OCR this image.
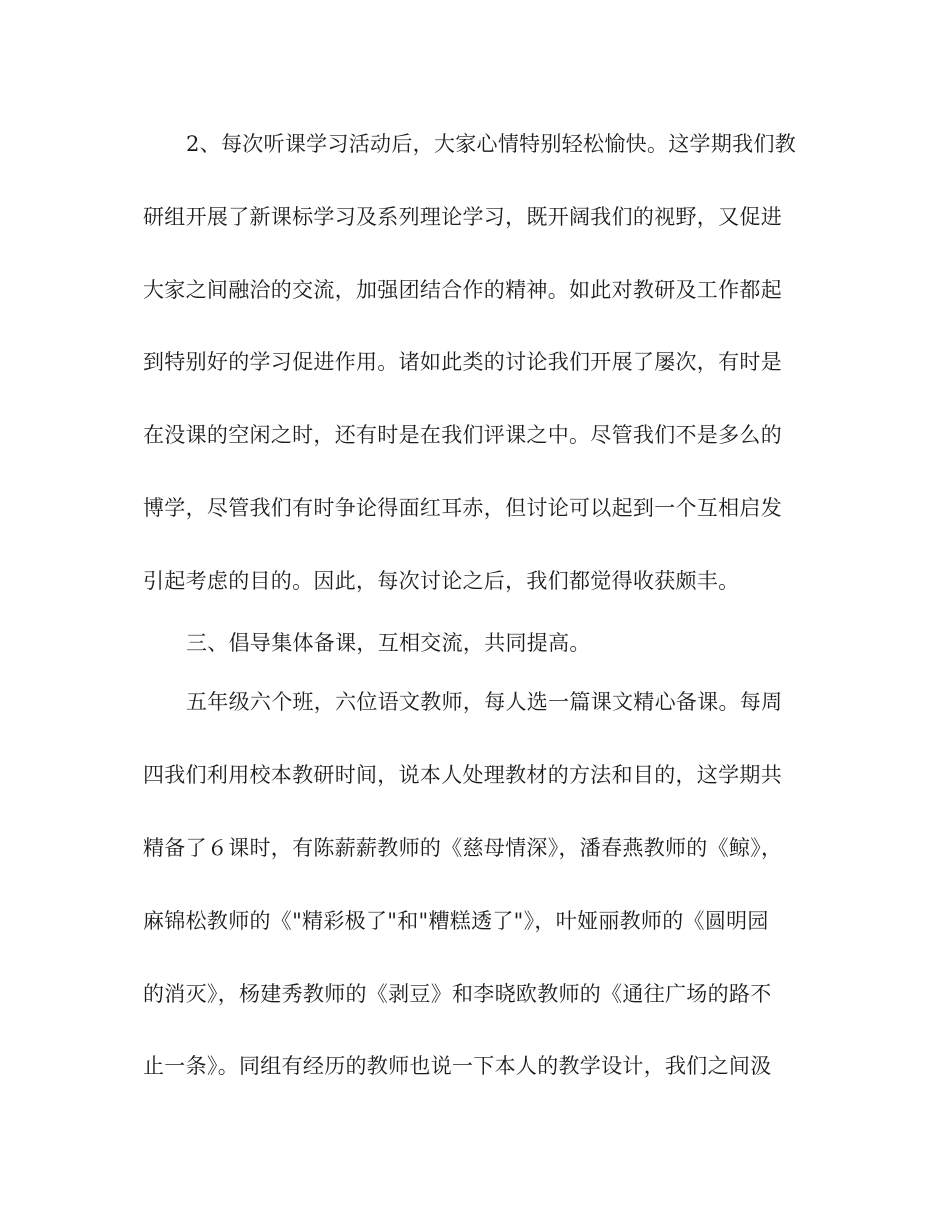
2、每次听课学习活动后，大家心情特别轻松愉快。这学期我们教
研组开展了新课标学习及系列理论学习，既开阔我们的视野，又促进
大家之间融洽的交流，加强团结合作的精神。如此对教研及工作都起
到特别好的学习促进作用。诸如此类的讨论我们开展了屡次，有时是
在没课的空闲之时，还有时是在我们评课之中。尽管我们不是多么的
博学，尽管我们有时争论得面红耳赤，但讨论可以起到一个互相启发
引起考虑的目的。因此，每次讨论之后，我们都觉得收获颇丰。
三、倡导集体备课，互相交流，共同提高。
五年级六个班，六位语文教师，每人选一篇课文精心备课。每周
四我们利用校本教研时间，说本人处理教材的方法和目的，这学期共
精备了６课时，有陈薪薪教师的《慈母情深》，潘春燕教师的《鲸》，
麻锦松教师的《"精彩极了"和"糟糕透了"》，叶娅丽教师的《圆明园
的消灭》，杨建秀教师的《剥豆》和李晓欧教师的《通往广场的路不
止一条》。同组有经历的教师也说一下本人的教学设计，我们之间汲
